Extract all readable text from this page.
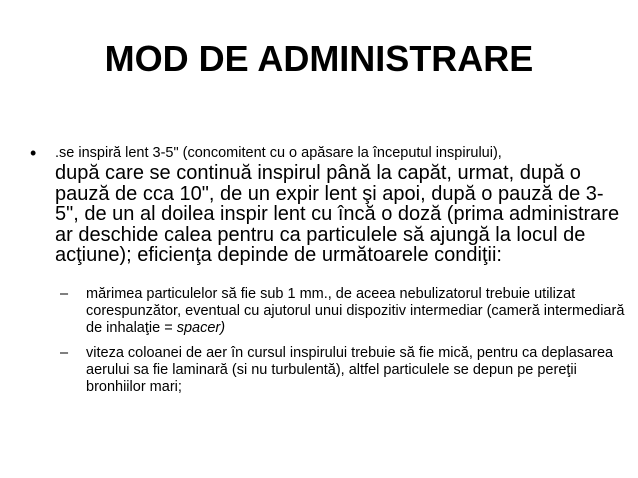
MOD DE ADMINISTRARE
• .se inspiră lent 3-5" (concomitent cu o apăsare la începutul inspirului),
după care se continuă inspirul până la capăt, urmat, după o pauză de cca 10", de un expir lent şi apoi, după o pauză de 3-5", de un al doilea inspir lent cu încă o doză (prima administrare ar deschide calea pentru ca particulele să ajungă la locul de acţiune); eficienţa depinde de următoarele condiţii:
– mărimea particulelor să fie sub 1 mm., de aceea nebulizatorul trebuie utilizat corespunzător, eventual cu ajutorul unui dispozitiv intermediar (cameră intermediară de inhalaţie = spacer)
– viteza coloanei de aer în cursul inspirului trebuie să fie mică, pentru ca deplasarea aerului sa fie laminară (si nu turbulentă), altfel particulele se depun pe pereţii bronhiilor mari;
